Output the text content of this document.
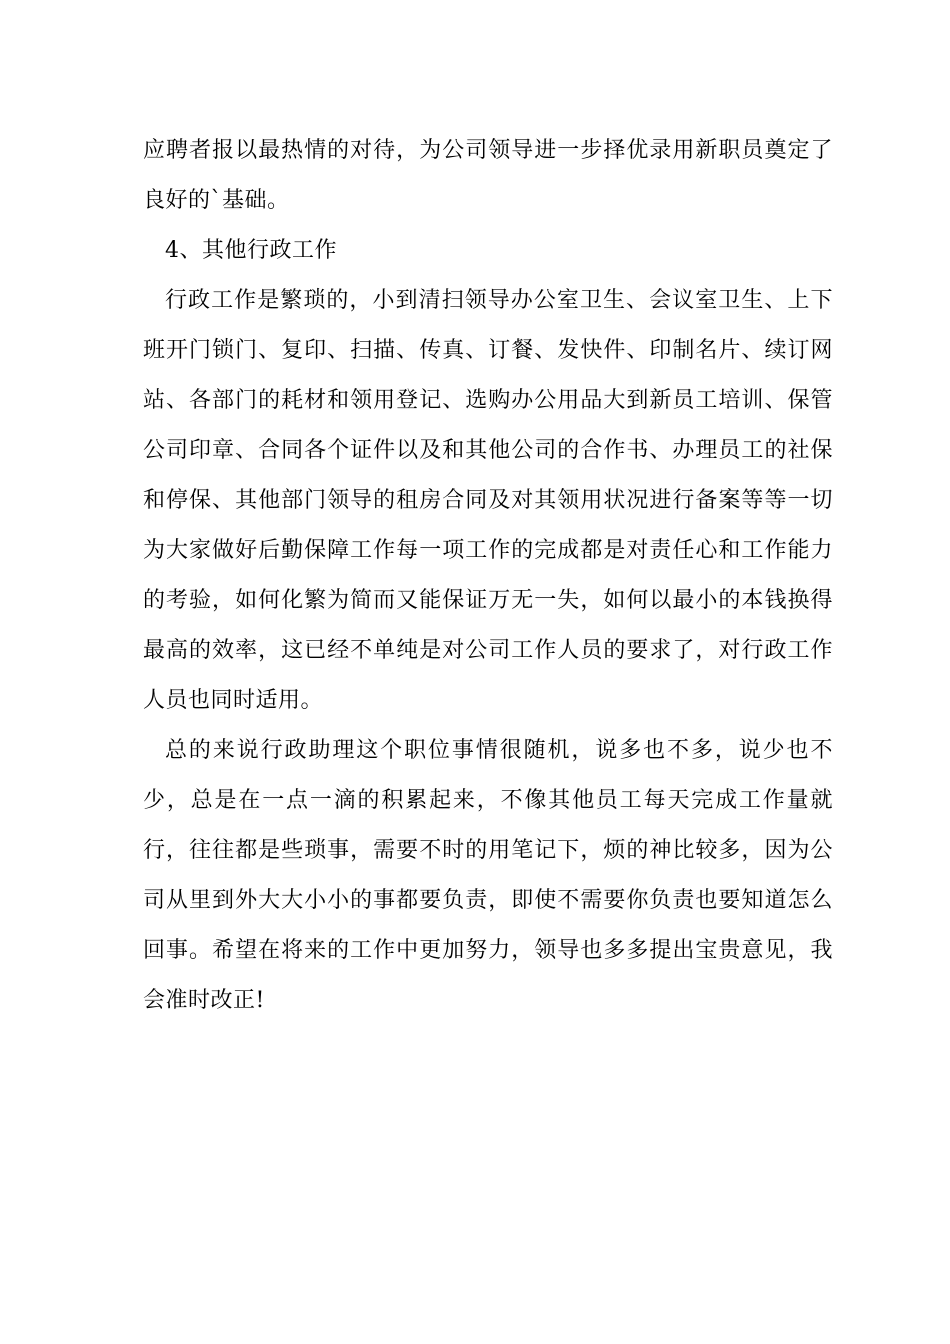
应聘者报以最热情的对待，为公司领导进一步择优录用新职员奠定了良好的`基础。

4、其他行政工作

行政工作是繁琐的，小到清扫领导办公室卫生、会议室卫生、上下班开门锁门、复印、扫描、传真、订餐、发快件、印制名片、续订网站、各部门的耗材和领用登记、选购办公用品大到新员工培训、保管公司印章、合同各个证件以及和其他公司的合作书、办理员工的社保和停保、其他部门领导的租房合同及对其领用状况进行备案等等一切为大家做好后勤保障工作每一项工作的完成都是对责任心和工作能力的考验，如何化繁为简而又能保证万无一失，如何以最小的本钱换得最高的效率，这已经不单纯是对公司工作人员的要求了，对行政工作人员也同时适用。

总的来说行政助理这个职位事情很随机，说多也不多，说少也不少，总是在一点一滴的积累起来，不像其他员工每天完成工作量就行，往往都是些琐事，需要不时的用笔记下，烦的神比较多，因为公司从里到外大大小小的事都要负责，即使不需要你负责也要知道怎么回事。希望在将来的工作中更加努力，领导也多多提出宝贵意见，我会准时改正!
